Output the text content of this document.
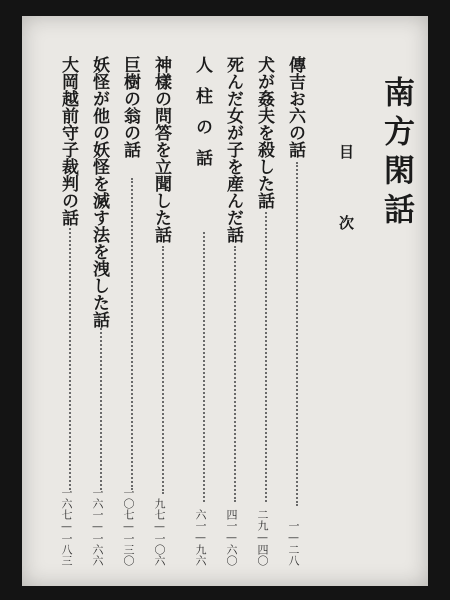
南方閑話
目次
傳吉お六の話
一—二八
犬が姦夫を殺した話
二九—四〇
死んだ女が子を産んだ話
四一—六〇
人柱の話
六一—九六
神樣の問答を立聞した話
九七—一〇六
巨樹の翁の話
一〇七—一三〇
妖怪が他の妖怪を滅す法を洩した話
一六一—一六六
大岡越前守子裁判の話
一六七—一八三
